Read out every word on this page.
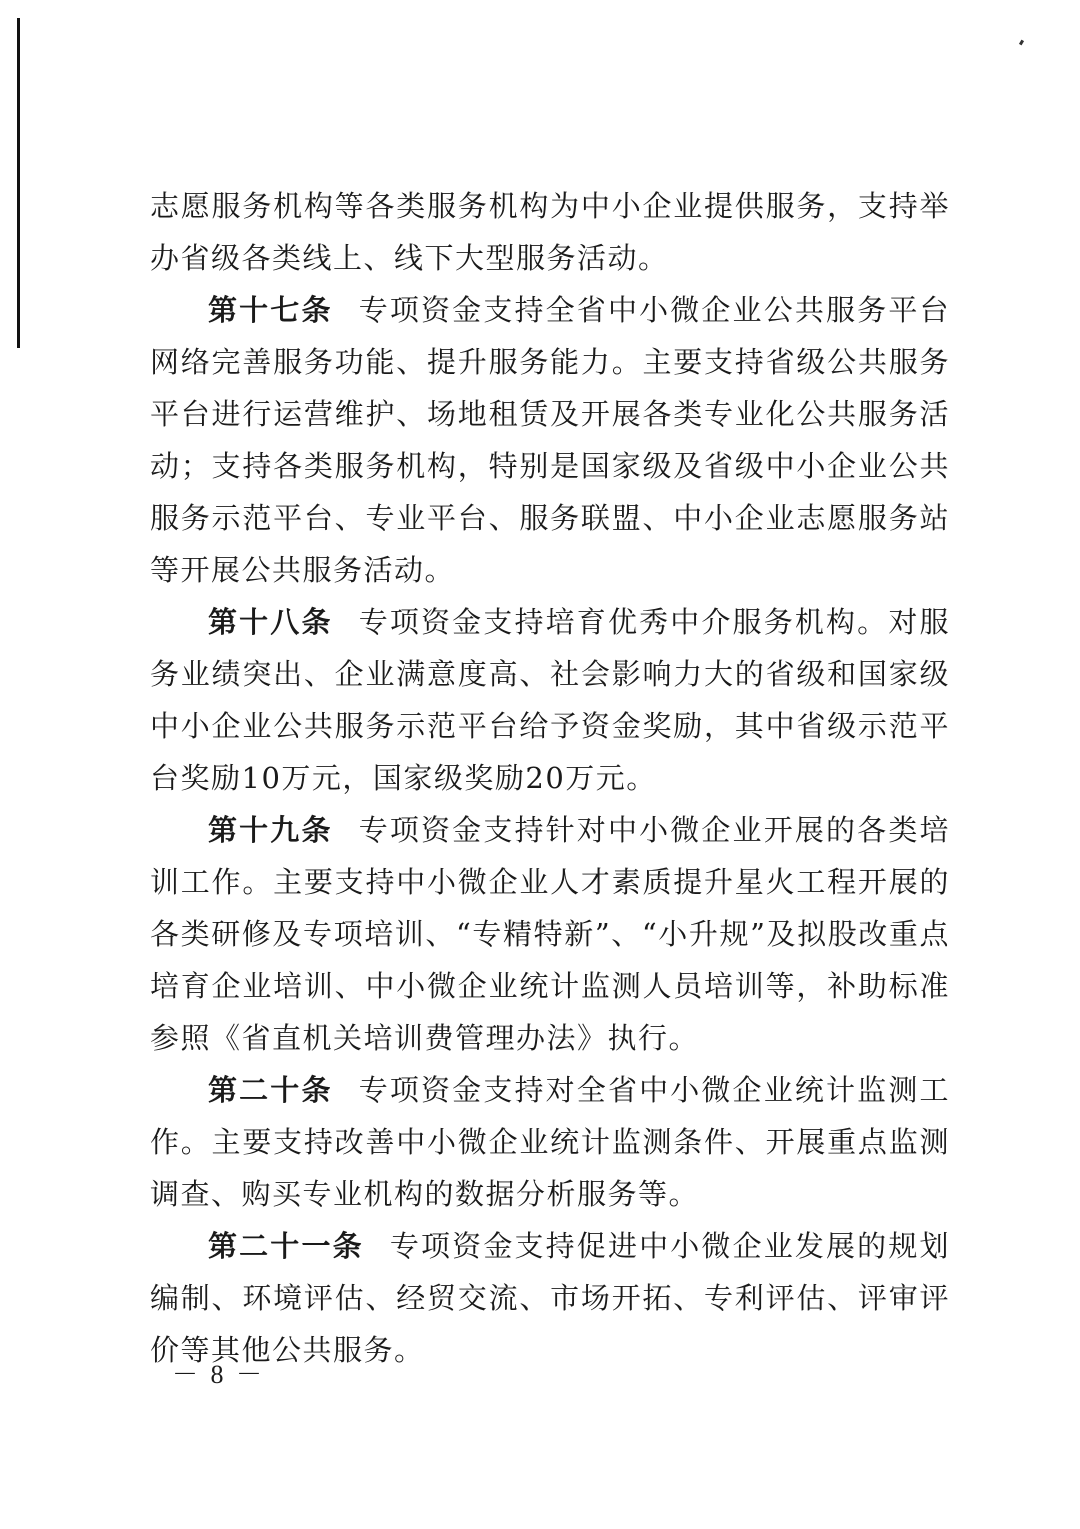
志愿服务机构等各类服务机构为中小企业提供服务，支持举办省级各类线上、线下大型服务活动。

第十七条 专项资金支持全省中小微企业公共服务平台网络完善服务功能、提升服务能力。主要支持省级公共服务平台进行运营维护、场地租赁及开展各类专业化公共服务活动；支持各类服务机构，特别是国家级及省级中小企业公共服务示范平台、专业平台、服务联盟、中小企业志愿服务站等开展公共服务活动。

第十八条 专项资金支持培育优秀中介服务机构。对服务业绩突出、企业满意度高、社会影响力大的省级和国家级中小企业公共服务示范平台给予资金奖励，其中省级示范平台奖励10万元，国家级奖励20万元。

第十九条 专项资金支持针对中小微企业开展的各类培训工作。主要支持中小微企业人才素质提升星火工程开展的各类研修及专项培训、“专精特新”、“小升规”及拟股改重点培育企业培训、中小微企业统计监测人员培训等，补助标准参照《省直机关培训费管理办法》执行。

第二十条 专项资金支持对全省中小微企业统计监测工作。主要支持改善中小微企业统计监测条件、开展重点监测调查、购买专业机构的数据分析服务等。

第二十一条 专项资金支持促进中小微企业发展的规划编制、环境评估、经贸交流、市场开拓、专利评估、评审评价等其他公共服务。

－ 8 －
